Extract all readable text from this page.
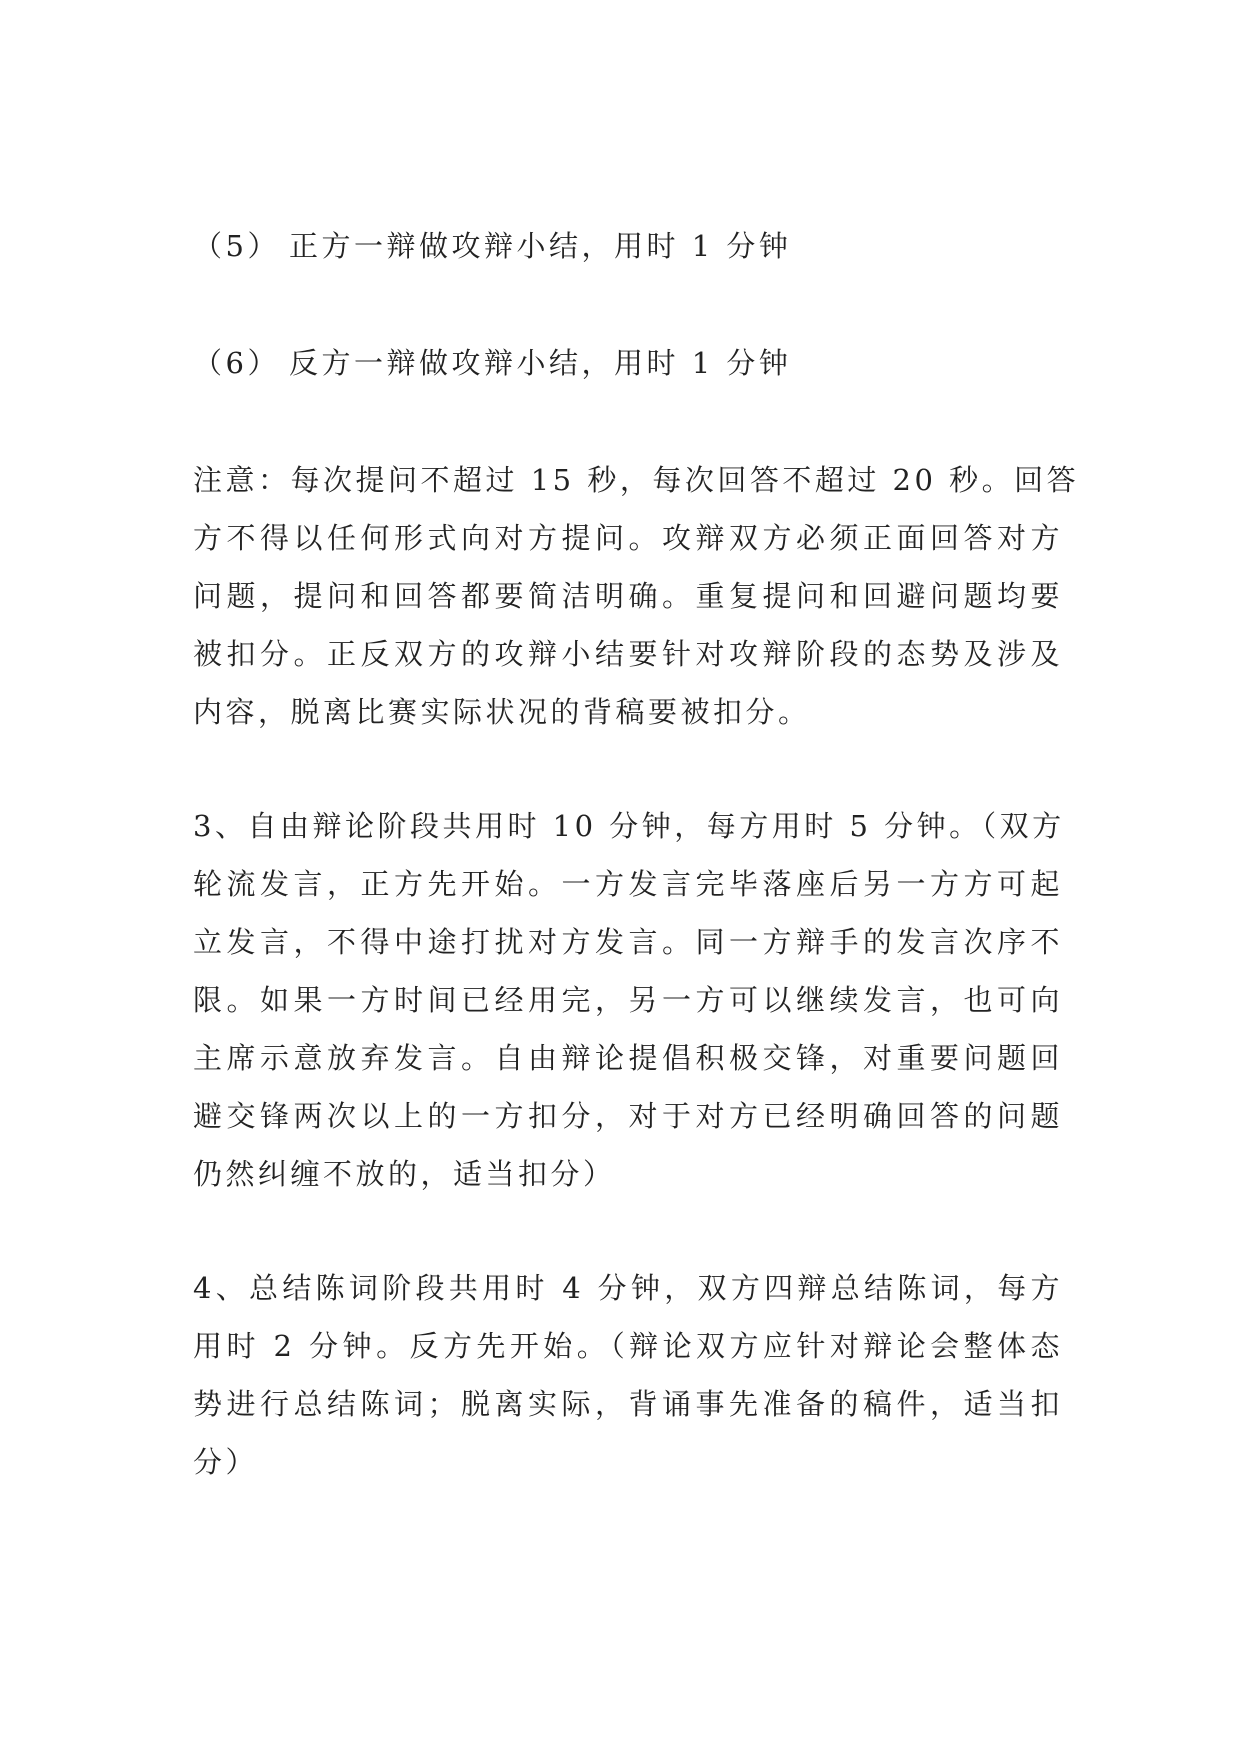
（5） 正方一辩做攻辩小结，用时 1 分钟
（6） 反方一辩做攻辩小结，用时 1 分钟
注意：每次提问不超过 15 秒，每次回答不超过 20 秒。回答
方不得以任何形式向对方提问。攻辩双方必须正面回答对方
问题，提问和回答都要简洁明确。重复提问和回避问题均要
被扣分。正反双方的攻辩小结要针对攻辩阶段的态势及涉及
内容，脱离比赛实际状况的背稿要被扣分。
3、自由辩论阶段共用时 10 分钟，每方用时 5 分钟。（双方
轮流发言，正方先开始。一方发言完毕落座后另一方方可起
立发言，不得中途打扰对方发言。同一方辩手的发言次序不
限。如果一方时间已经用完，另一方可以继续发言，也可向
主席示意放弃发言。自由辩论提倡积极交锋，对重要问题回
避交锋两次以上的一方扣分，对于对方已经明确回答的问题
仍然纠缠不放的，适当扣分）
4、总结陈词阶段共用时 4 分钟，双方四辩总结陈词，每方
用时 2 分钟。反方先开始。（辩论双方应针对辩论会整体态
势进行总结陈词；脱离实际，背诵事先准备的稿件，适当扣
分）
